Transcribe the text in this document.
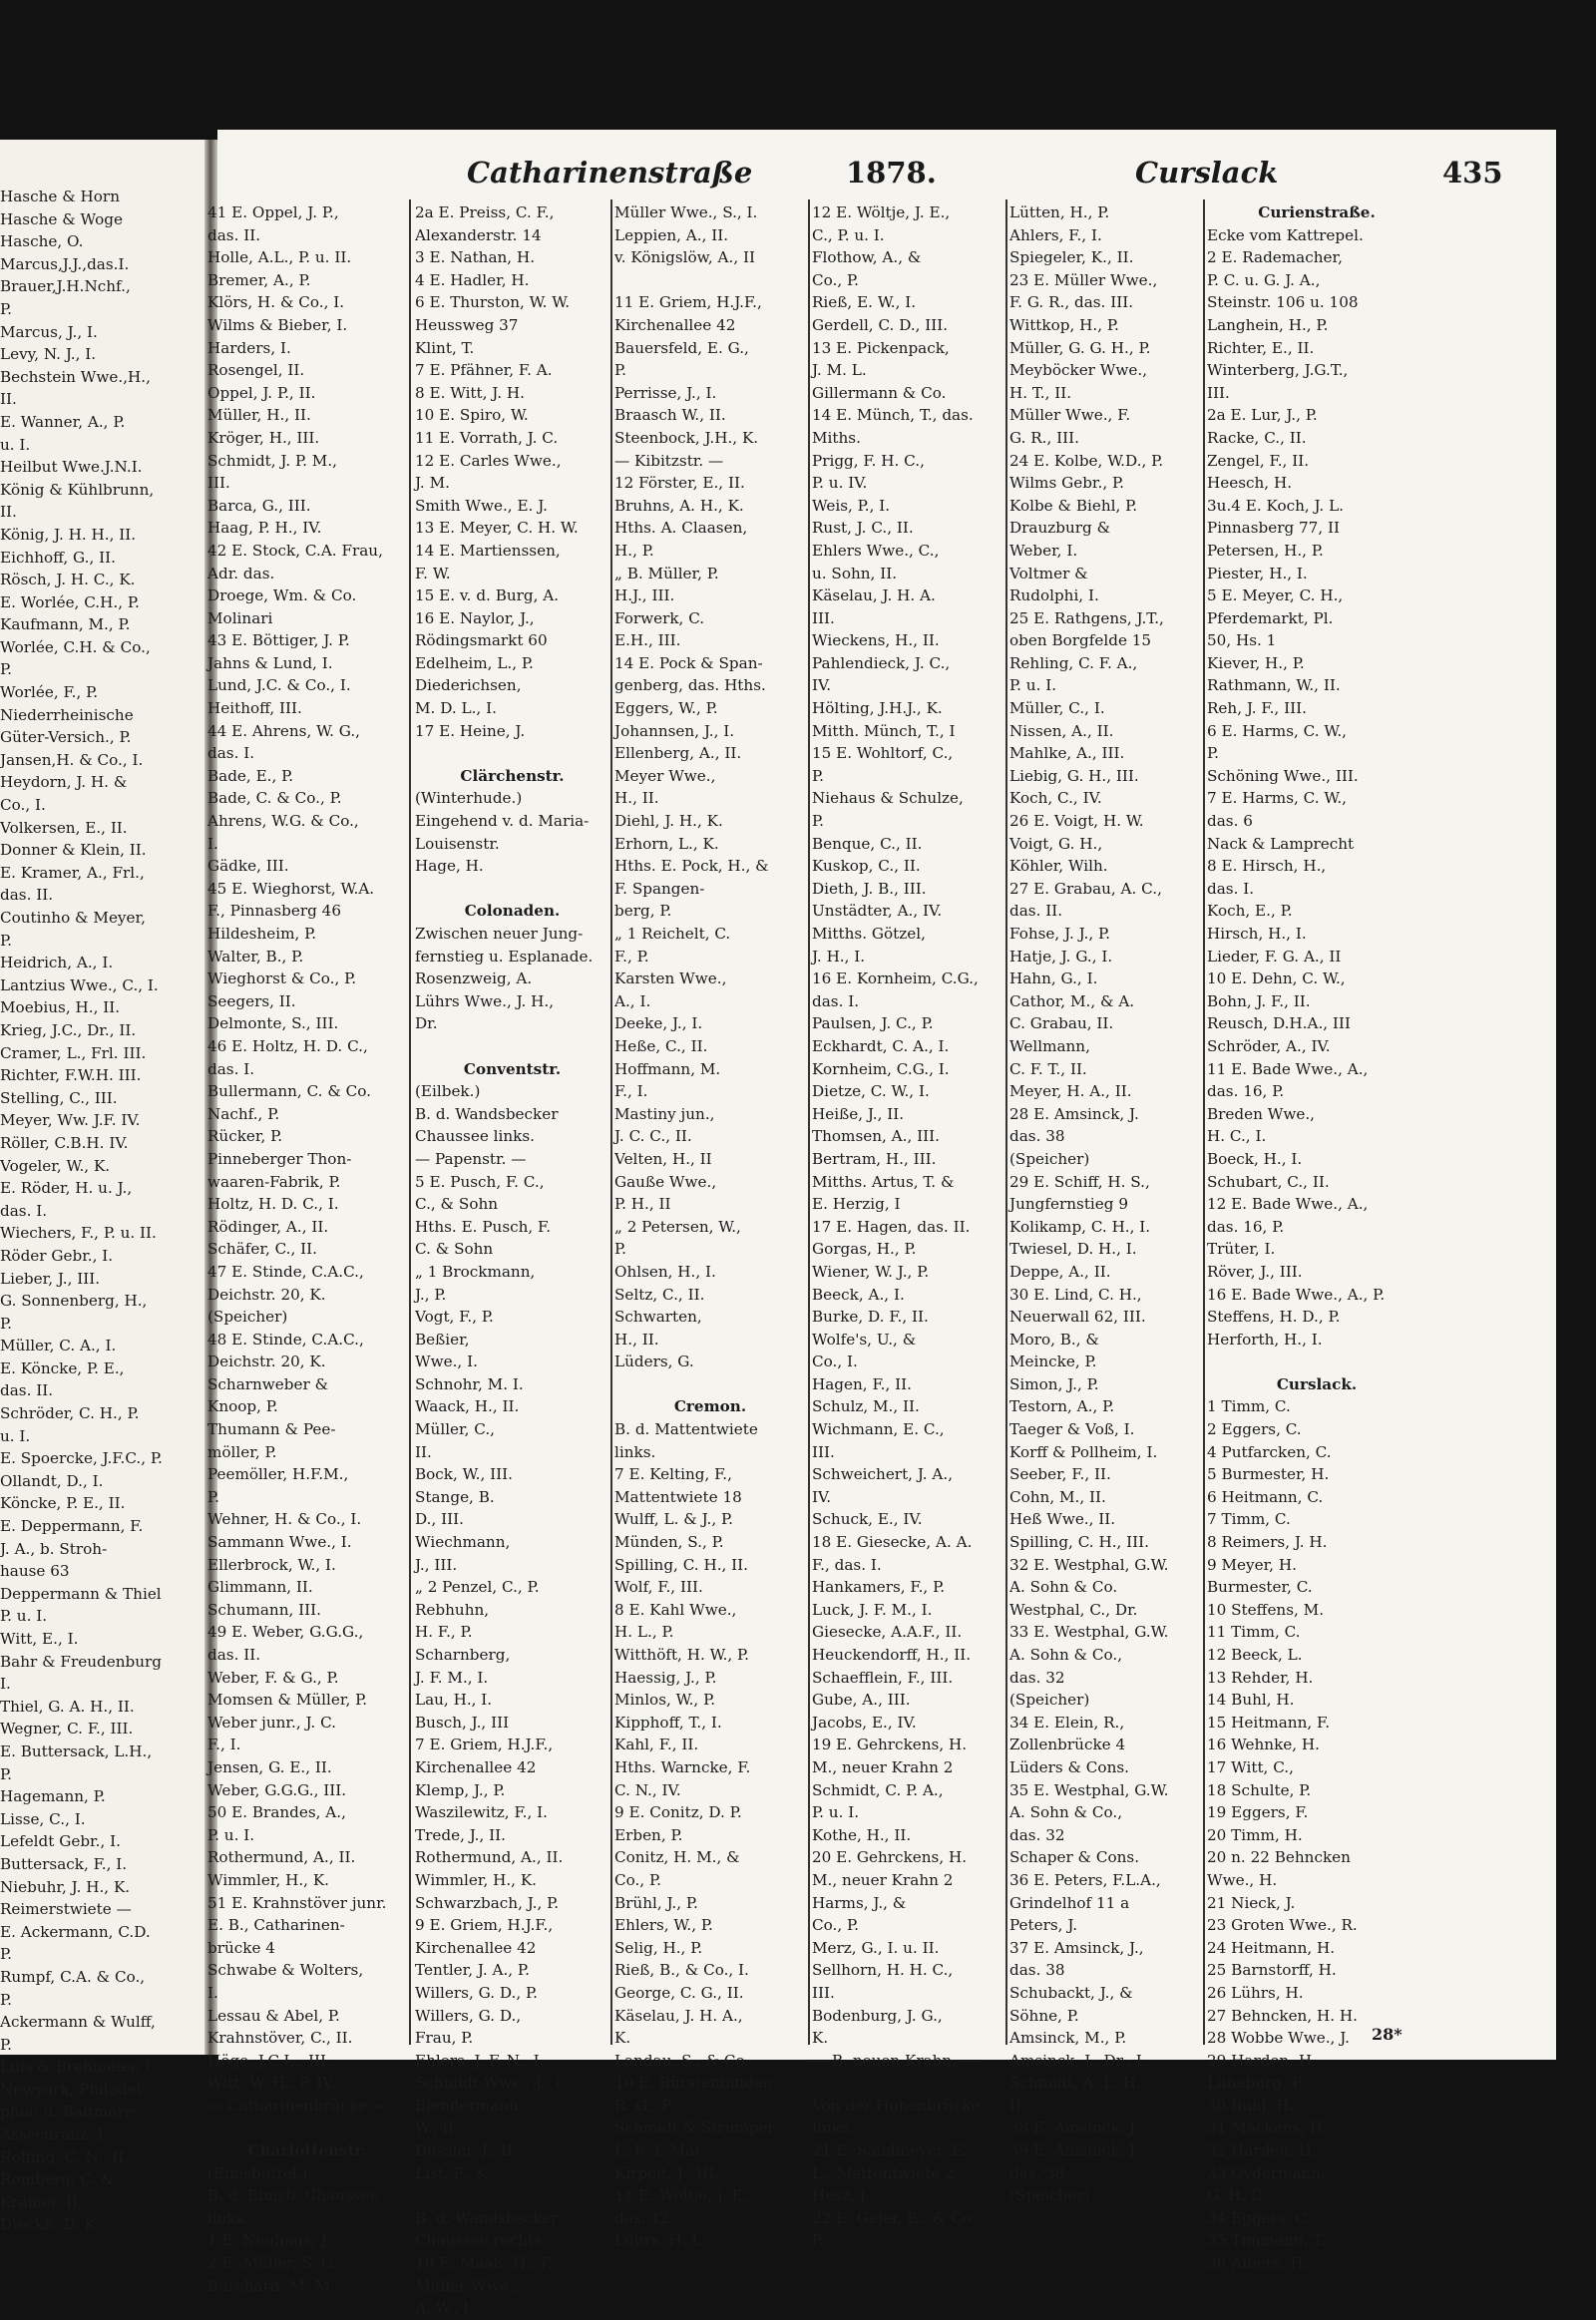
Hasche & Horn
Hasche & Woge
Hasche, O.
Marcus,J.J.,das.I.
Brauer,J.H.Nchf.,
P.
Marcus, J., I.
Levy, N. J., I.
Bechstein Wwe.,H.,
II.
E. Wanner, A., P.
u. I.
Heilbut Wwe.J.N.I.
König & Kühlbrunn,
II.
König, J. H. H., II.
Eichhoff, G., II.
Rösch, J. H. C., K.
E. Worlée, C.H., P.
Kaufmann, M., P.
Worlée, C.H. & Co.,
P.
Worlée, F., P.
Niederrheinische
Güter-Versich., P.
Jansen,H. & Co., I.
Heydorn, J. H. &
Co., I.
Volkersen, E., II.
Donner & Klein, II.
E. Kramer, A., Frl.,
das. II.
Coutinho & Meyer,
P.
Heidrich, A., I.
Lantzius Wwe., C., I.
Moebius, H., II.
Krieg, J.C., Dr., II.
Cramer, L., Frl. III.
Richter, F.W.H. III.
Stelling, C., III.
Meyer, Ww. J.F. IV.
Röller, C.B.H. IV.
Vogeler, W., K.
E. Röder, H. u. J.,
das. I.
Wiechers, F., P. u. II.
Röder Gebr., I.
Lieber, J., III.
G. Sonnenberg, H.,
P.
Müller, C. A., I.
E. Köncke, P. E.,
das. II.
Schröder, C. H., P.
u. I.
E. Spoercke, J.F.C., P.
Ollandt, D., I.
Köncke, P. E., II.
E. Deppermann, F.
J. A., b. Stroh-
hause 63
Deppermann & Thiel
P. u. I.
Witt, E., I.
Bahr & Freudenburg
I.
Thiel, G. A. H., II.
Wegner, C. F., III.
E. Buttersack, L.H.,
P.
Hagemann, P.
Lisse, C., I.
Lefeldt Gebr., I.
Buttersack, F., I.
Niebuhr, J. H., K.
Reimerstwiete —
E. Ackermann, C.D.
P.
Rumpf, C.A. & Co.,
P.
Ackermann & Wulff,
P.
Luis & Brehmeier, I.
Newyork, Philadel-
phia- u. Baltmore-
Assecuranz, I.
Rolfing, C. N., II.
Romberg, C. &
Krämer, II.
Dieckß, D. K.
Catharinenstraße	1878.	Curslack	435
41 E. Oppel, J. P.,
das. II.
Holle, A.L., P. u. II.
Bremer, A., P.
Klörs, H. & Co., I.
Wilms & Bieber, I.
Harders, I.
Rosengel, II.
Oppel, J. P., II.
Müller, H., II.
Kröger, H., III.
Schmidt, J. P. M.,
III.
Barca, G., III.
Haag, P. H., IV.
42 E. Stock, C.A. Frau,
Adr. das.
Droege, Wm. & Co.
Molinari
43 E. Böttiger, J. P.
Jahns & Lund, I.
Lund, J.C. & Co., I.
Heithoff, III.
44 E. Ahrens, W. G.,
das. I.
Bade, E., P.
Bade, C. & Co., P.
Ahrens, W.G. & Co.,
I.
Gädke, III.
45 E. Wieghorst, W.A.
F., Pinnasberg 46
Hildesheim, P.
Walter, B., P.
Wieghorst & Co., P.
Seegers, II.
Delmonte, S., III.
46 E. Holtz, H. D. C.,
das. I.
Bullermann, C. & Co.
Nachf., P.
Rücker, P.
Pinneberger Thon-
waaren-Fabrik, P.
Holtz, H. D. C., I.
Rödinger, A., II.
Schäfer, C., II.
47 E. Stinde, C.A.C.,
Deichstr. 20, K.
(Speicher)
48 E. Stinde, C.A.C.,
Deichstr. 20, K.
Scharnweber &
Knoop, P.
Thumann & Pee-
möller, P.
Peemöller, H.F.M.,
P.
Wehner, H. & Co., I.
Sammann Wwe., I.
Ellerbrock, W., I.
Glimmann, II.
Schumann, III.
49 E. Weber, G.G.G.,
das. II.
Weber, F. & G., P.
Momsen & Müller, P.
Weber junr., J. C.
F., I.
Jensen, G. E., II.
Weber, G.G.G., III.
50 E. Brandes, A.,
P. u. I.
Rothermund, A., II.
Wimmler, H., K.
51 E. Krahnstöver junr.
E. B., Catharinen-
brücke 4
Schwabe & Wolters,
I.
Lessau & Abel, P.
Krahnstöver, C., II.
Höge, J.C.L., III.
Witt, W. H., P. IV.
— Catharinenbrücke —
Charlottenstr.
(Eimsbüttel.)
B. d. Eimsb. Chaussee
links.
1 E. Neuhaus, J.
2 E. Müller, S. G.
Burchard, M. M.
2a E. Preiss, C. F.,
Alexanderstr. 14
3 E. Nathan, H.
4 E. Hadler, H.
6 E. Thurston, W. W.
Heussweg 37
Klint, T.
7 E. Pfähner, F. A.
8 E. Witt, J. H.
10 E. Spiro, W.
11 E. Vorrath, J. C.
12 E. Carles Wwe.,
J. M.
Smith Wwe., E. J.
13 E. Meyer, C. H. W.
14 E. Martienssen,
F. W.
15 E. v. d. Burg, A.
16 E. Naylor, J.,
Rödingsmarkt 60
Edelheim, L., P.
Diederichsen,
M. D. L., I.
17 E. Heine, J.
Clärchenstr.
(Winterhude.)
Eingehend v. d. Maria-
Louisenstr.
Hage, H.
Colonaden.
Zwischen neuer Jung-
fernstieg u. Esplanade.
Rosenzweig, A.
Lührs Wwe., J. H.,
Dr.
Conventstr.
(Eilbek.)
B. d. Wandsbecker
Chaussee links.
— Papenstr. —
5 E. Pusch, F. C.,
C., & Sohn
Hths. E. Pusch, F.
C. & Sohn
„ 1 Brockmann,
J., P.
Vogt, F., P.
Beßier,
Wwe., I.
Schnohr, M. I.
Waack, H., II.
Müller, C.,
II.
Bock, W., III.
Stange, B.
D., III.
Wiechmann,
J., III.
„ 2 Penzel, C., P.
Rebhuhn,
H. F., P.
Scharnberg,
J. F. M., I.
Lau, H., I.
Busch, J., III
7 E. Griem, H.J.F.,
Kirchenallee 42
Klemp, J., P.
Waszilewitz, F., I.
Trede, J., II.
Rothermund, A., II.
Wimmler, H., K.
Schwarzbach, J., P.
9 E. Griem, H.J.F.,
Kirchenallee 42
Tentler, J. A., P.
Willers, G. D., P.
Willers, G. D.,
Frau, P.
Ehlers, J. F. N., I.
Schmidt Wwe., J., I.
Blendermann
W., II.
Düssler, J., II.
List, F., K.
B. d. Wandsbecker
Chaussee rechts.
10 E. Maaß, H., P.
Müller Wwe.,
A. W., I.
Müller Wwe., S., I.
Leppien, A., II.
v. Königslöw, A., II
11 E. Griem, H.J.F.,
Kirchenallee 42
Bauersfeld, E. G.,
P.
Perrisse, J., I.
Braasch W., II.
Steenbock, J.H., K.
— Kibitzstr. —
12 Förster, E., II.
Bruhns, A. H., K.
Hths. A. Claasen,
H., P.
„ B. Müller, P.
H.J., III.
Forwerk, C.
E.H., III.
14 E. Pock & Span-
genberg, das. Hths.
Eggers, W., P.
Johannsen, J., I.
Ellenberg, A., II.
Meyer Wwe.,
H., II.
Diehl, J. H., K.
Erhorn, L., K.
Hths. E. Pock, H., &
F. Spangen-
berg, P.
„ 1 Reichelt, C.
F., P.
Karsten Wwe.,
A., I.
Deeke, J., I.
Heße, C., II.
Hoffmann, M.
F., I.
Mastiny jun.,
J. C. C., II.
Velten, H., II
Gauße Wwe.,
P. H., II
„ 2 Petersen, W.,
P.
Ohlsen, H., I.
Seltz, C., II.
Schwarten,
H., II.
Lüders, G.
Cremon.
B. d. Mattentwiete
links.
7 E. Kelting, F.,
Mattentwiete 18
Wulff, L. & J., P.
Münden, S., P.
Spilling, C. H., II.
Wolf, F., III.
8 E. Kahl Wwe.,
H. L., P.
Witthöft, H. W., P.
Haessig, J., P.
Minlos, W., P.
Kipphoff, T., I.
Kahl, F., II.
Hths. Warncke, F.
C. N., IV.
9 E. Conitz, D. P.
Erben, P.
Conitz, H. M., &
Co., P.
Brühl, J., P.
Ehlers, W., P.
Selig, H., P.
Rieß, B., & Co., I.
George, C. G., II.
Käselau, J. H. A.,
K.
Landau, S., & Co.
10 E. Bürstenbinder,
R. G., P.
Schmidt & Strumper
I., b. I. Mai
Kirpeit, J., III.
11 E. Wöltje, J. E.,
das. 12
Lührs, H. L.
12 E. Wöltje, J. E.,
C., P. u. I.
Flothow, A., &
Co., P.
Rieß, E. W., I.
Gerdell, C. D., III.
13 E. Pickenpack,
J. M. L.
Gillermann & Co.
14 E. Münch, T., das.
Miths.
Prigg, F. H. C.,
P. u. IV.
Weis, P., I.
Rust, J. C., II.
Ehlers Wwe., C.,
u. Sohn, II.
Käselau, J. H. A.
III.
Wieckens, H., II.
Pahlendieck, J. C.,
IV.
Hölting, J.H.J., K.
Mitth. Münch, T., I
15 E. Wohltorf, C.,
P.
Niehaus & Schulze,
P.
Benque, C., II.
Kuskop, C., II.
Dieth, J. B., III.
Unstädter, A., IV.
Mitths. Götzel,
J. H., I.
16 E. Kornheim, C.G.,
das. I.
Paulsen, J. C., P.
Eckhardt, C. A., I.
Kornheim, C.G., I.
Dietze, C. W., I.
Heiße, J., II.
Thomsen, A., III.
Bertram, H., III.
Mitths. Artus, T. &
E. Herzig, I
17 E. Hagen, das. II.
Gorgas, H., P.
Wiener, W. J., P.
Beeck, A., I.
Burke, D. F., II.
Wolfe's, U., &
Co., I.
Hagen, F., II.
Schulz, M., II.
Wichmann, E. C.,
III.
Schweichert, J. A.,
IV.
Schuck, E., IV.
18 E. Giesecke, A. A.
F., das. I.
Hankamers, F., P.
Luck, J. F. M., I.
Giesecke, A.A.F., II.
Heuckendorff, H., II.
Schaefflein, F., III.
Gube, A., III.
Jacobs, E., IV.
19 E. Gehrckens, H.
M., neuer Krahn 2
Schmidt, C. P. A.,
P. u. I.
Kothe, H., II.
20 E. Gehrckens, H.
M., neuer Krahn 2
Harms, J., &
Co., P.
Merz, G., I. u. II.
Sellhorn, H. H. C.,
III.
Bodenburg, J. G.,
K.
— B. neuen Krahn. —
Von der Hohenbrücke
links.
21 E. Saudmeyer, E.
L., Mattentwiete 2
Hesz, J.
22 E. Geier, E., & Co.,
P.
Lütten, H., P.
Ahlers, F., I.
Spiegeler, K., II.
23 E. Müller Wwe.,
F. G. R., das. III.
Wittkop, H., P.
Müller, G. G. H., P.
Meyböcker Wwe.,
H. T., II.
Müller Wwe., F.
G. R., III.
24 E. Kolbe, W.D., P.
Wilms Gebr., P.
Kolbe & Biehl, P.
Drauzburg &
Weber, I.
Voltmer &
Rudolphi, I.
25 E. Rathgens, J.T.,
oben Borgfelde 15
Rehling, C. F. A.,
P. u. I.
Müller, C., I.
Nissen, A., II.
Mahlke, A., III.
Liebig, G. H., III.
Koch, C., IV.
26 E. Voigt, H. W.
Voigt, G. H.,
Köhler, Wilh.
27 E. Grabau, A. C.,
das. II.
Fohse, J. J., P.
Hatje, J. G., I.
Hahn, G., I.
Cathor, M., & A.
C. Grabau, II.
Wellmann,
C. F. T., II.
Meyer, H. A., II.
28 E. Amsinck, J.
das. 38
(Speicher)
29 E. Schiff, H. S.,
Jungfernstieg 9
Kolikamp, C. H., I.
Twiesel, D. H., I.
Deppe, A., II.
30 E. Lind, C. H.,
Neuerwall 62, III.
Moro, B., &
Meincke, P.
Simon, J., P.
Testorn, A., P.
Taeger & Voß, I.
Korff & Pollheim, I.
Seeber, F., II.
Cohn, M., II.
Heß Wwe., II.
Spilling, C. H., III.
32 E. Westphal, G.W.
A. Sohn & Co.
Westphal, C., Dr.
33 E. Westphal, G.W.
A. Sohn & Co.,
das. 32
(Speicher)
34 E. Elein, R.,
Zollenbrücke 4
Lüders & Cons.
35 E. Westphal, G.W.
A. Sohn & Co.,
das. 32
Schaper & Cons.
36 E. Peters, F.L.A.,
Grindelhof 11 a
Peters, J.
37 E. Amsinck, J.,
das. 38
Schubackt, J., &
Söhne, P.
Amsinck, M., P.
Amsinck, J., Dr., I.
Schmidt, A. L. H.,
II.
38 E. Amsinck, J.
39 E. Amsinck, J.,
das. 38
(Speicher)
Curienstraße.
Ecke vom Kattrepel.
2 E. Rademacher,
P. C. u. G. J. A.,
Steinstr. 106 u. 108
Langhein, H., P.
Richter, E., II.
Winterberg, J.G.T.,
III.
2a E. Lur, J., P.
Racke, C., II.
Zengel, F., II.
Heesch, H.
3u.4 E. Koch, J. L.
Pinnasberg 77, II
Petersen, H., P.
Piester, H., I.
5 E. Meyer, C. H.,
Pferdemarkt, Pl.
50, Hs. 1
Kiever, H., P.
Rathmann, W., II.
Reh, J. F., III.
6 E. Harms, C. W.,
P.
Schöning Wwe., III.
7 E. Harms, C. W.,
das. 6
Nack & Lamprecht
8 E. Hirsch, H.,
das. I.
Koch, E., P.
Hirsch, H., I.
Lieder, F. G. A., II
10 E. Dehn, C. W.,
Bohn, J. F., II.
Reusch, D.H.A., III
Schröder, A., IV.
11 E. Bade Wwe., A.,
das. 16, P.
Breden Wwe.,
H. C., I.
Boeck, H., I.
Schubart, C., II.
12 E. Bade Wwe., A.,
das. 16, P.
Trüter, I.
Röver, J., III.
16 E. Bade Wwe., A., P.
Steffens, H. D., P.
Herforth, H., I.
Curslack.
1 Timm, C.
2 Eggers, C.
4 Putfarcken, C.
5 Burmester, H.
6 Heitmann, C.
7 Timm, C.
8 Reimers, J. H.
9 Meyer, H.
Burmester, C.
10 Steffens, M.
11 Timm, C.
12 Beeck, L.
13 Rehder, H.
14 Buhl, H.
15 Heitmann, F.
16 Wehnke, H.
17 Witt, C.,
18 Schulte, P.
19 Eggers, F.
20 Timm, H.
20 n. 22 Behncken
Wwe., H.
21 Nieck, J.
23 Groten Wwe., R.
24 Heitmann, H.
25 Barnstorff, H.
26 Lührs, H.
27 Behncken, H. H.
28 Wobbe Wwe., J.
29 Harden, H.
Lüneburg, P.
30 Buhl, H.
31 Mackens, H.
32 Harden, H.
33 Ovdermann,
G. H. C.
34 Eggers, C.
35 Timmann, T.
36 Albers, H.
28*
